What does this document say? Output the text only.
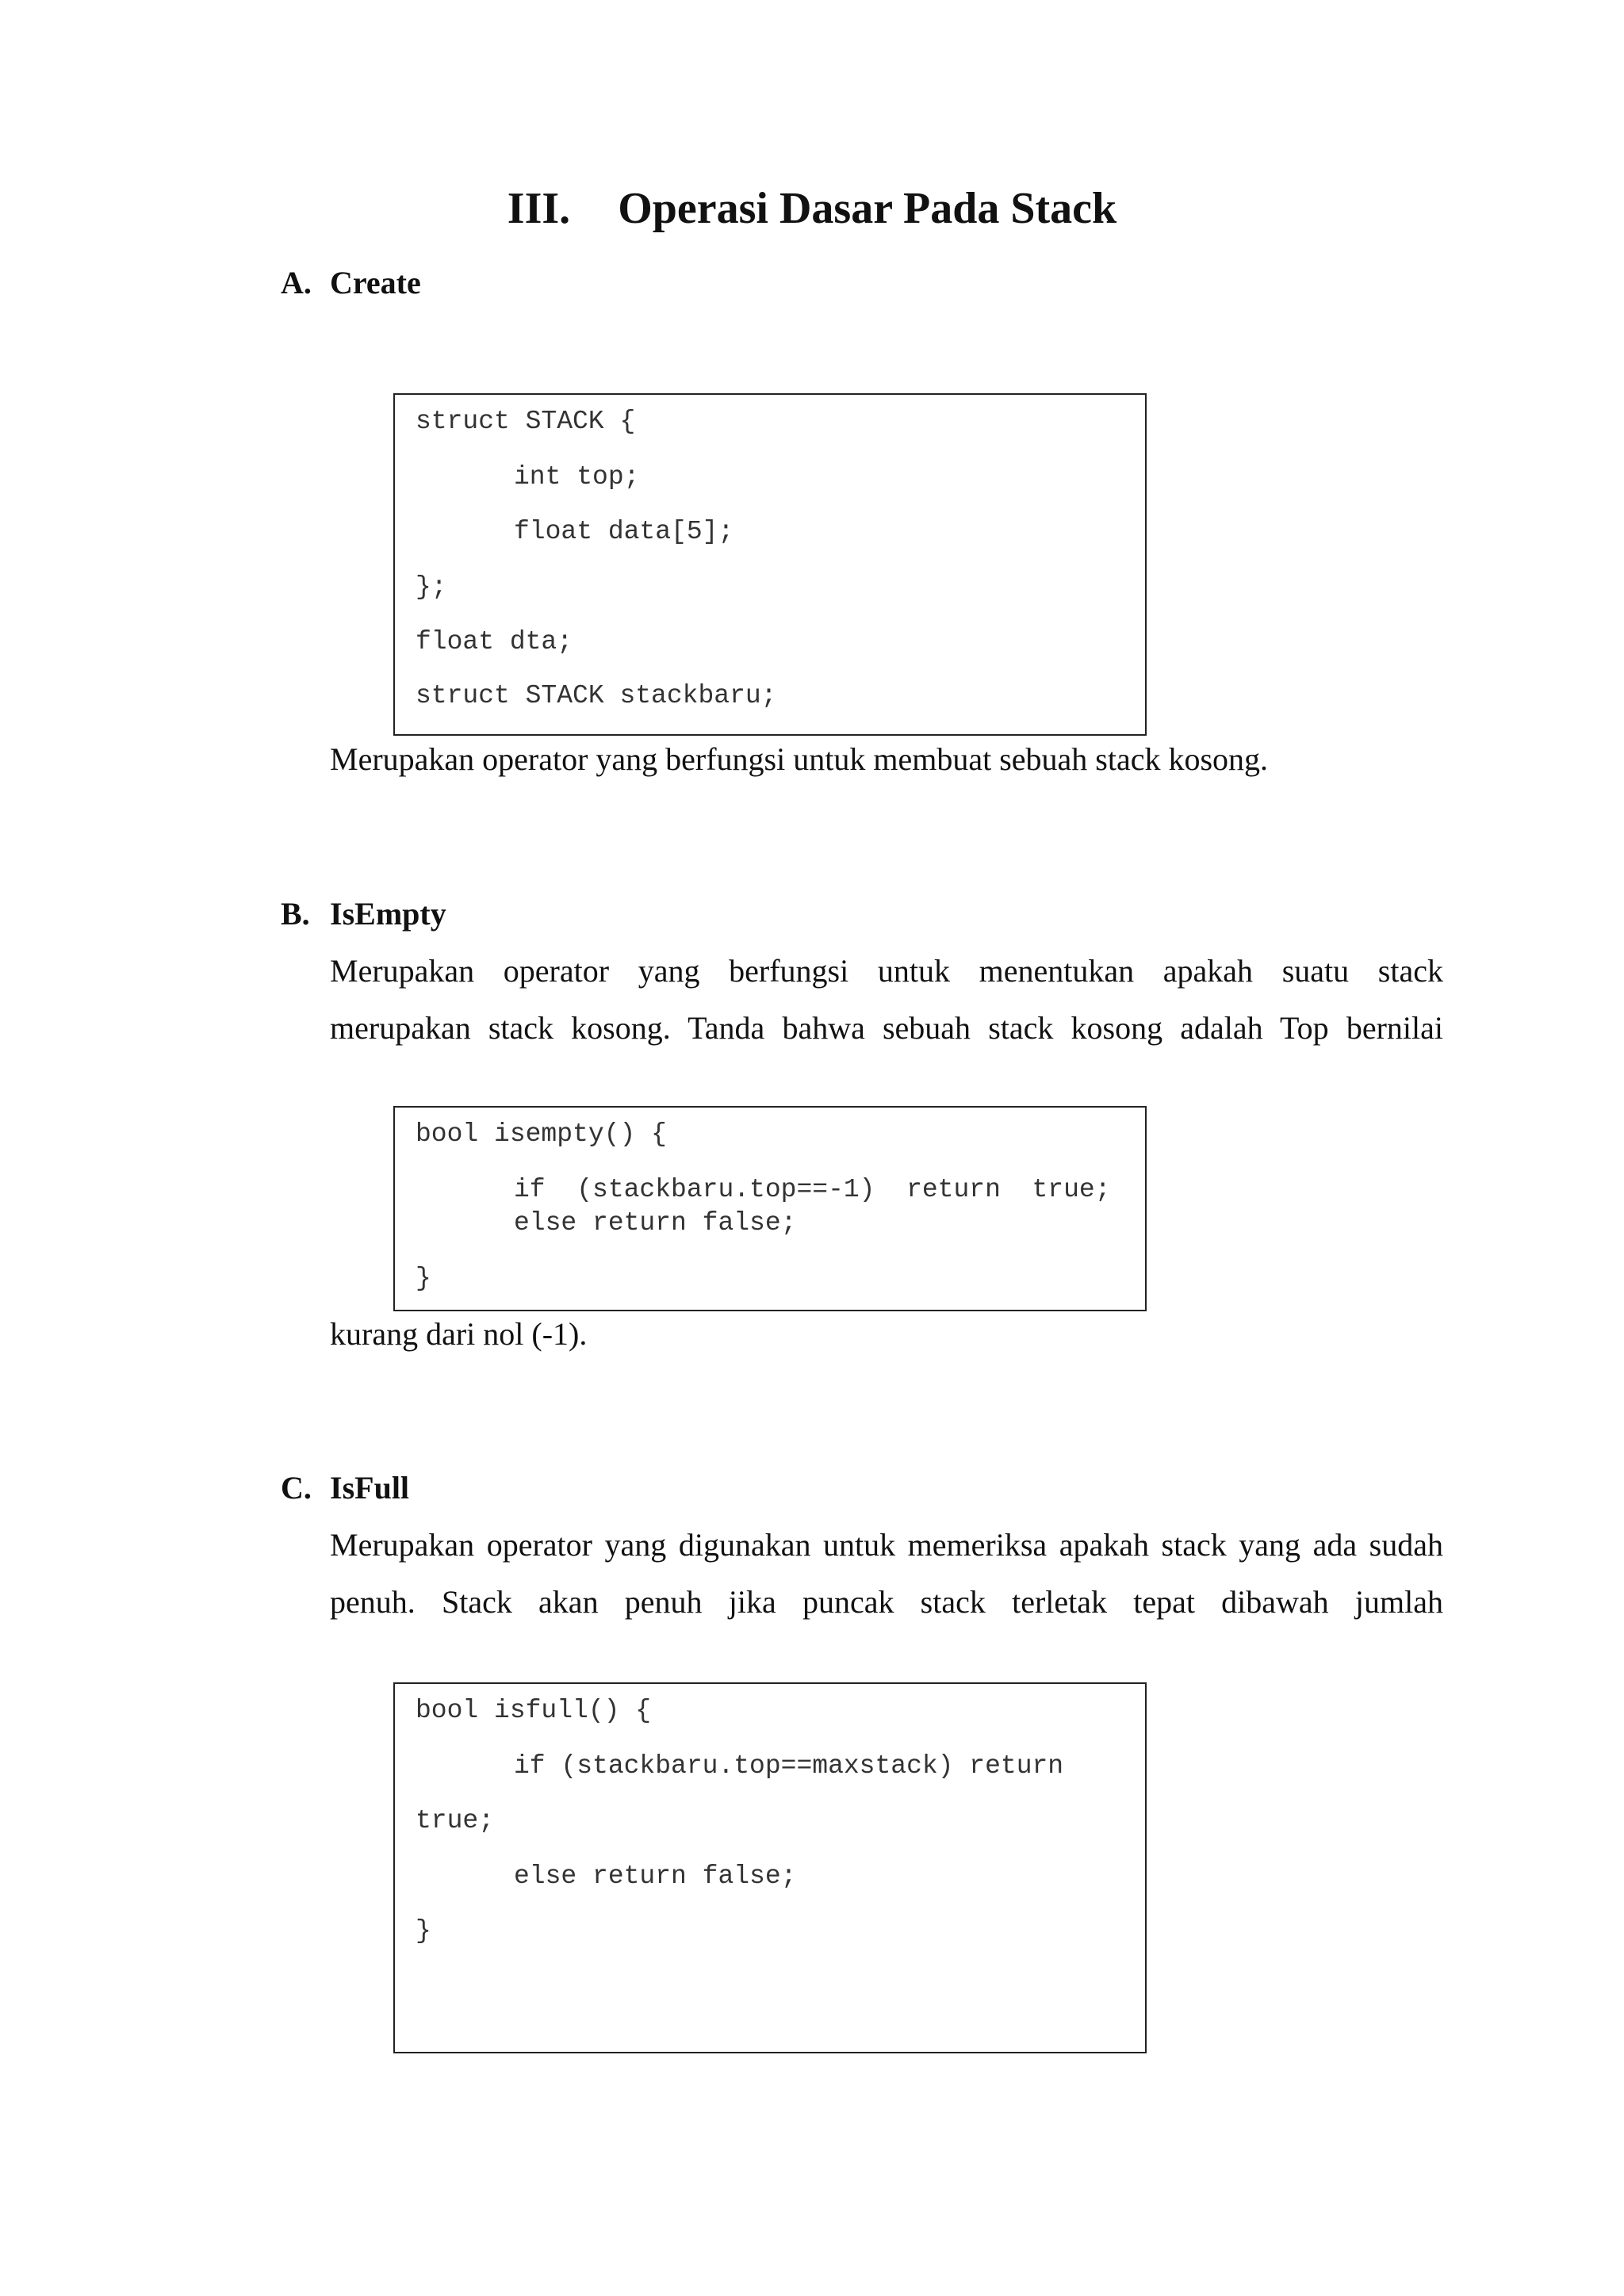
III. Operasi Dasar Pada Stack
A. Create
struct STACK {
int top;
float data[5];
};
float dta;
struct STACK stackbaru;

Merupakan operator yang berfungsi untuk membuat sebuah stack kosong.

B. IsEmpty

Merupakan operator yang berfungsi untuk menentukan apakah suatu stack

merupakan stack kosong. Tanda bahwa sebuah stack kosong adalah Top bernilai

bool isempty() {
if  (stackbaru.top==-1)  return  true;
else return false;
}

kurang dari nol (-1).

C. IsFull

Merupakan operator yang digunakan untuk memeriksa apakah stack yang ada sudah

penuh. Stack akan penuh jika puncak stack terletak tepat dibawah jumlah

bool isfull() {
if (stackbaru.top==maxstack) return
true;
else return false;
}
